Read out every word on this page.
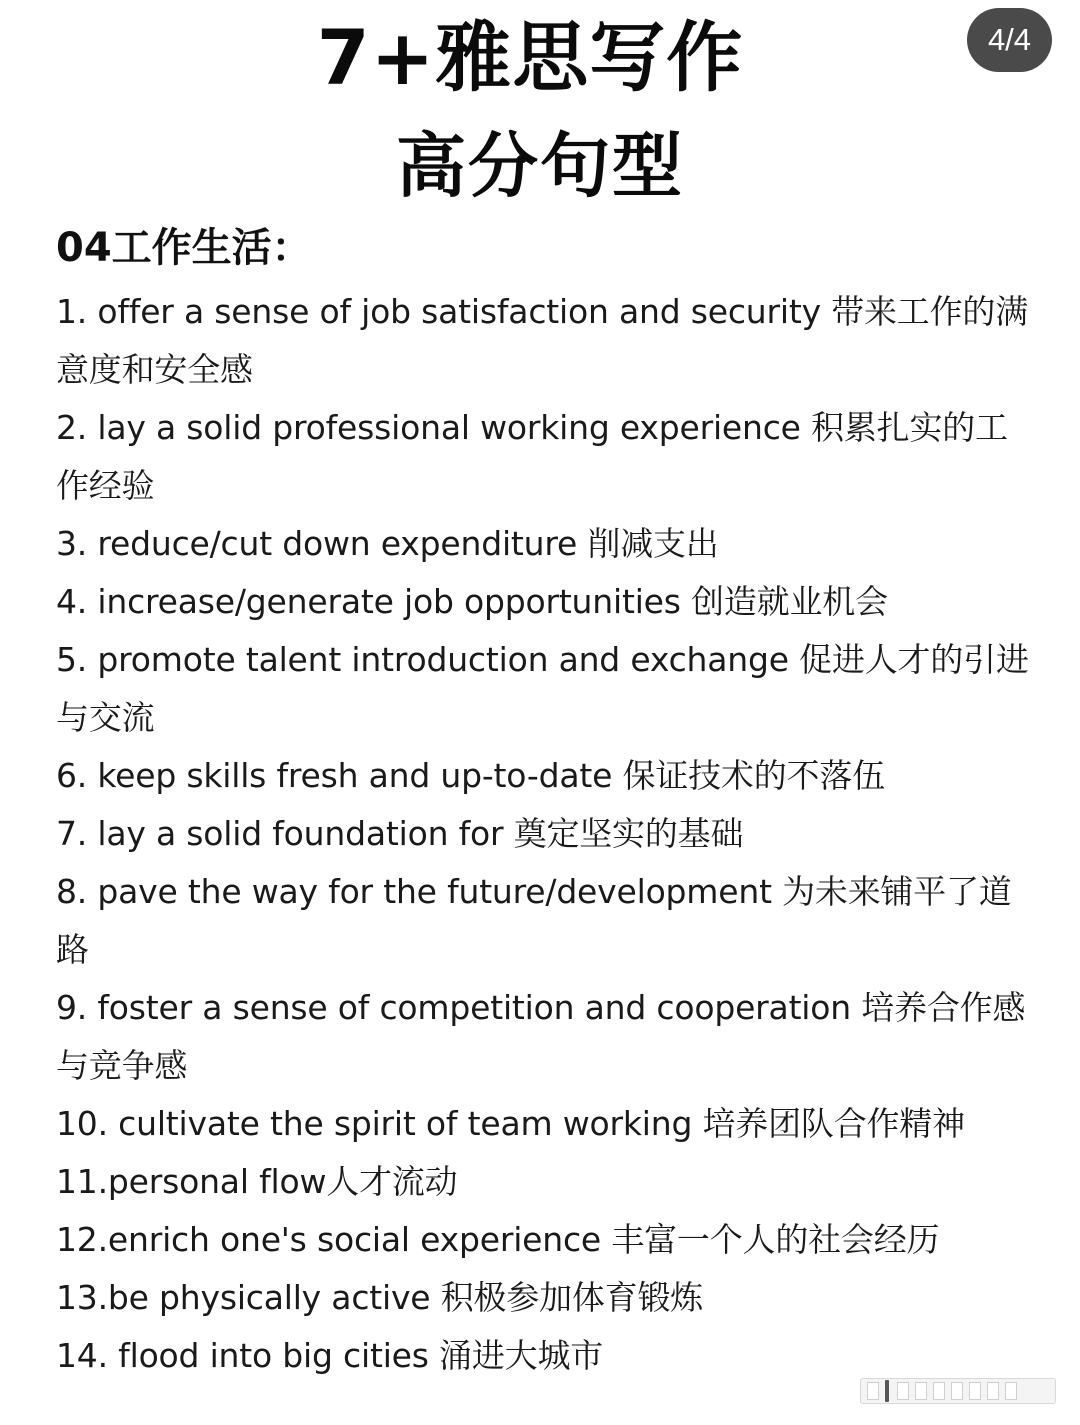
4/4
7+雅思写作
高分句型
04工作生活：
1. offer a sense of job satisfaction and security 带来工作的满意度和安全感
2. lay a solid professional working experience 积累扎实的工作经验
3. reduce/cut down expenditure 削减支出
4. increase/generate job opportunities 创造就业机会
5. promote talent introduction and exchange 促进人才的引进与交流
6. keep skills fresh and up-to-date 保证技术的不落伍
7. lay a solid foundation for 奠定坚实的基础
8. pave the way for the future/development 为未来铺平了道路
9. foster a sense of competition and cooperation 培养合作感与竞争感
10. cultivate the spirit of team working 培养团队合作精神
11.personal flow人才流动
12.enrich one's social experience 丰富一个人的社会经历
13.be physically active 积极参加体育锻炼
14. flood into big cities 涌进大城市
